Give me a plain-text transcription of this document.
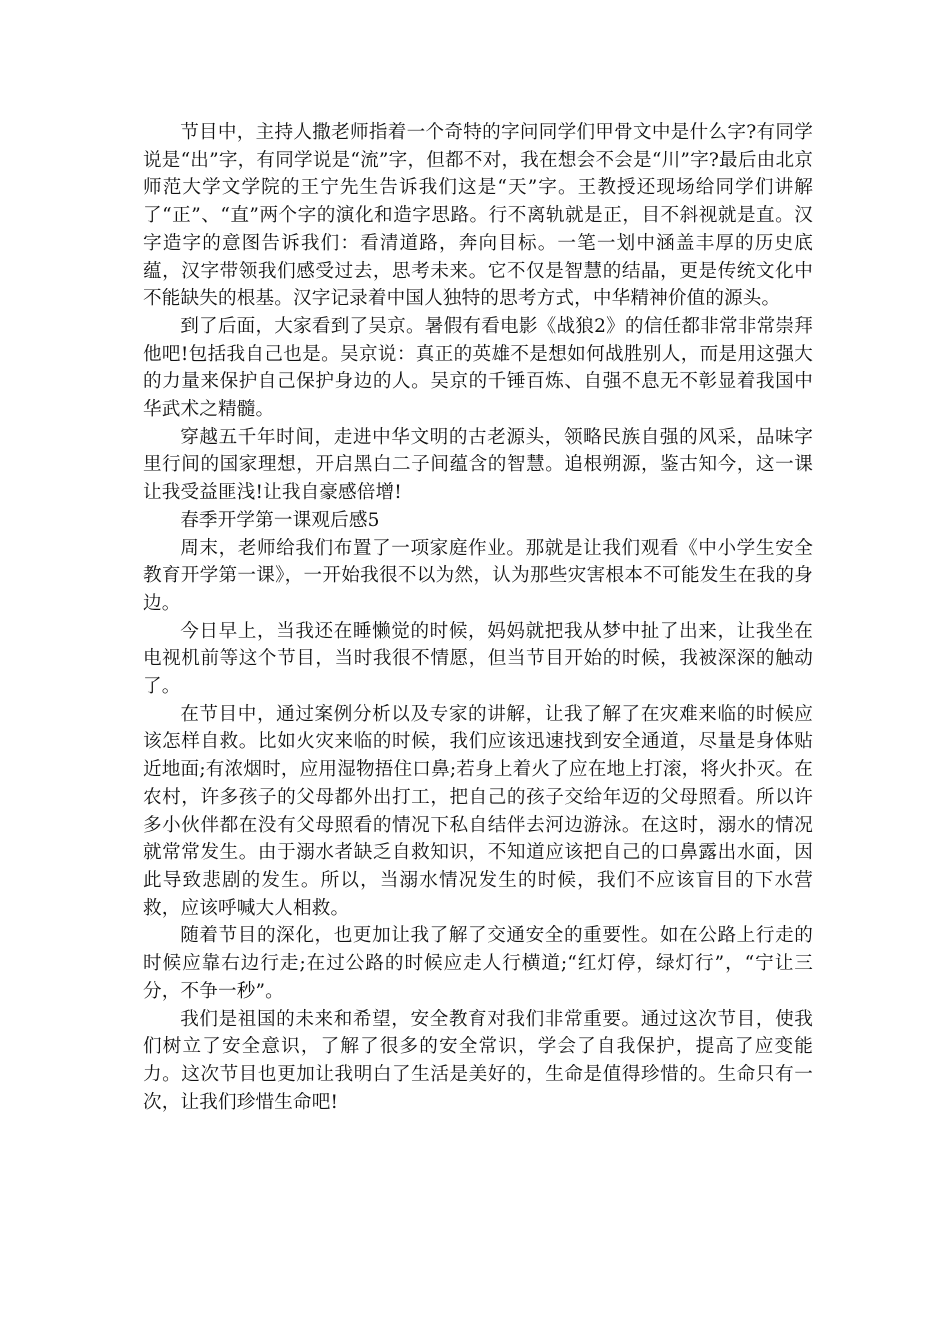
节目中，主持人撒老师指着一个奇特的字问同学们甲骨文中是什么字?有同学说是“出”字，有同学说是“流”字，但都不对，我在想会不会是“川”字?最后由北京师范大学文学院的王宁先生告诉我们这是“天”字。王教授还现场给同学们讲解了“正”、“直”两个字的演化和造字思路。行不离轨就是正，目不斜视就是直。汉字造字的意图告诉我们：看清道路，奔向目标。一笔一划中涵盖丰厚的历史底蕴，汉字带领我们感受过去，思考未来。它不仅是智慧的结晶，更是传统文化中不能缺失的根基。汉字记录着中国人独特的思考方式，中华精神价值的源头。

到了后面，大家看到了吴京。暑假有看电影《战狼2》的信任都非常非常崇拜他吧!包括我自己也是。吴京说：真正的英雄不是想如何战胜别人，而是用这强大的力量来保护自己保护身边的人。吴京的千锤百炼、自强不息无不彰显着我国中华武术之精髓。

穿越五千年时间，走进中华文明的古老源头，领略民族自强的风采，品味字里行间的国家理想，开启黑白二子间蕴含的智慧。追根朔源，鉴古知今，这一课让我受益匪浅!让我自豪感倍增!

春季开学第一课观后感5

周末，老师给我们布置了一项家庭作业。那就是让我们观看《中小学生安全教育开学第一课》，一开始我很不以为然，认为那些灾害根本不可能发生在我的身边。

今日早上，当我还在睡懒觉的时候，妈妈就把我从梦中扯了出来，让我坐在电视机前等这个节目，当时我很不情愿，但当节目开始的时候，我被深深的触动了。

在节目中，通过案例分析以及专家的讲解，让我了解了在灾难来临的时候应该怎样自救。比如火灾来临的时候，我们应该迅速找到安全通道，尽量是身体贴近地面;有浓烟时，应用湿物捂住口鼻;若身上着火了应在地上打滚，将火扑灭。在农村，许多孩子的父母都外出打工，把自己的孩子交给年迈的父母照看。所以许多小伙伴都在没有父母照看的情况下私自结伴去河边游泳。在这时，溺水的情况就常常发生。由于溺水者缺乏自救知识，不知道应该把自己的口鼻露出水面，因此导致悲剧的发生。所以，当溺水情况发生的时候，我们不应该盲目的下水营救，应该呼喊大人相救。

随着节目的深化，也更加让我了解了交通安全的重要性。如在公路上行走的时候应靠右边行走;在过公路的时候应走人行横道;“红灯停，绿灯行”，“宁让三分，不争一秒”。

我们是祖国的未来和希望，安全教育对我们非常重要。通过这次节目，使我们树立了安全意识，了解了很多的安全常识，学会了自我保护，提高了应变能力。这次节目也更加让我明白了生活是美好的，生命是值得珍惜的。生命只有一次，让我们珍惜生命吧!
